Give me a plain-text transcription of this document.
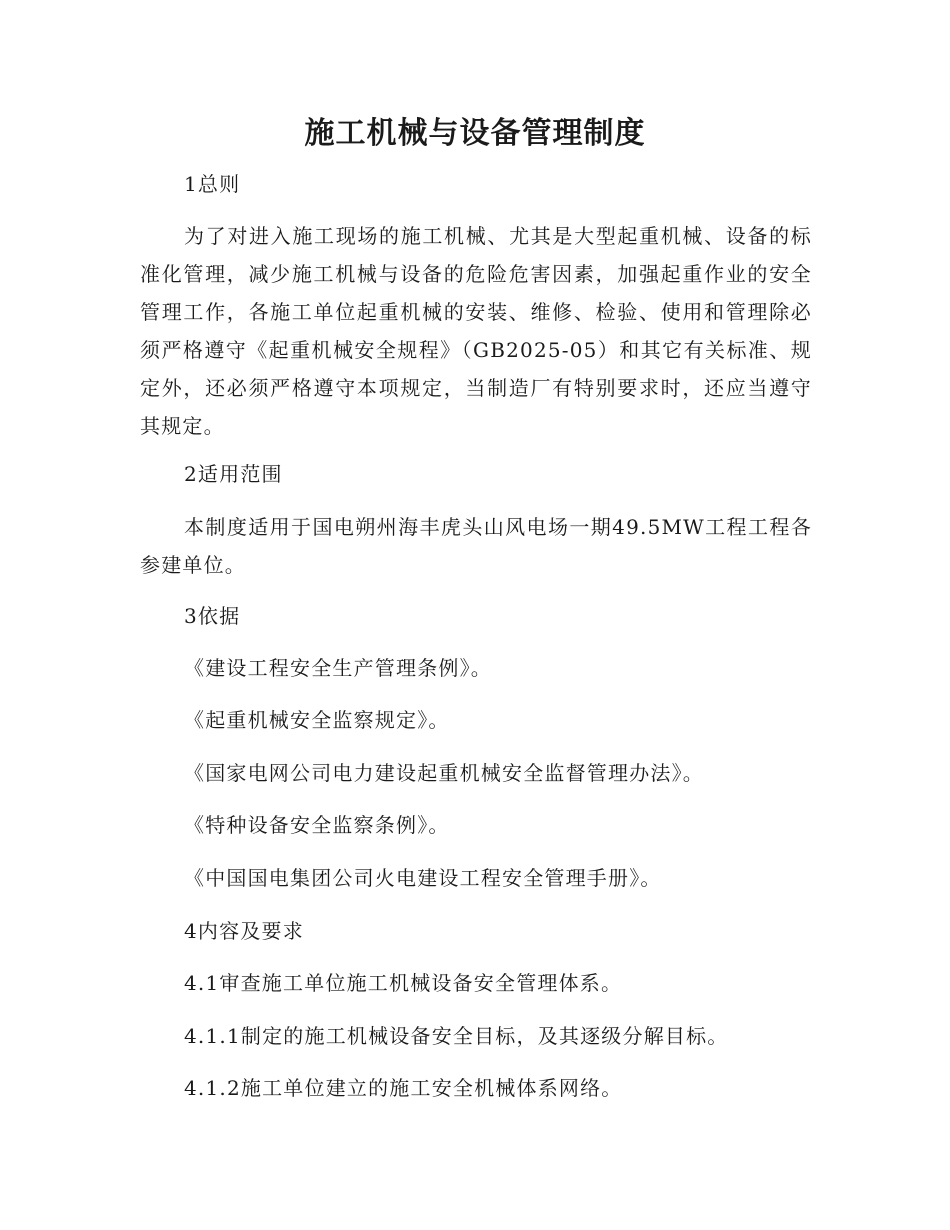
施工机械与设备管理制度

1总则

为了对进入施工现场的施工机械、尤其是大型起重机械、设备的标准化管理，减少施工机械与设备的危险危害因素，加强起重作业的安全管理工作，各施工单位起重机械的安装、维修、检验、使用和管理除必须严格遵守《起重机械安全规程》（GB2025-05）和其它有关标准、规定外，还必须严格遵守本项规定，当制造厂有特别要求时，还应当遵守其规定。

2适用范围

本制度适用于国电朔州海丰虎头山风电场一期49.5MW工程工程各参建单位。

3依据

《建设工程安全生产管理条例》。

《起重机械安全监察规定》。

《国家电网公司电力建设起重机械安全监督管理办法》。

《特种设备安全监察条例》。

《中国国电集团公司火电建设工程安全管理手册》。

4内容及要求

4.1审查施工单位施工机械设备安全管理体系。

4.1.1制定的施工机械设备安全目标，及其逐级分解目标。

4.1.2施工单位建立的施工安全机械体系网络。
